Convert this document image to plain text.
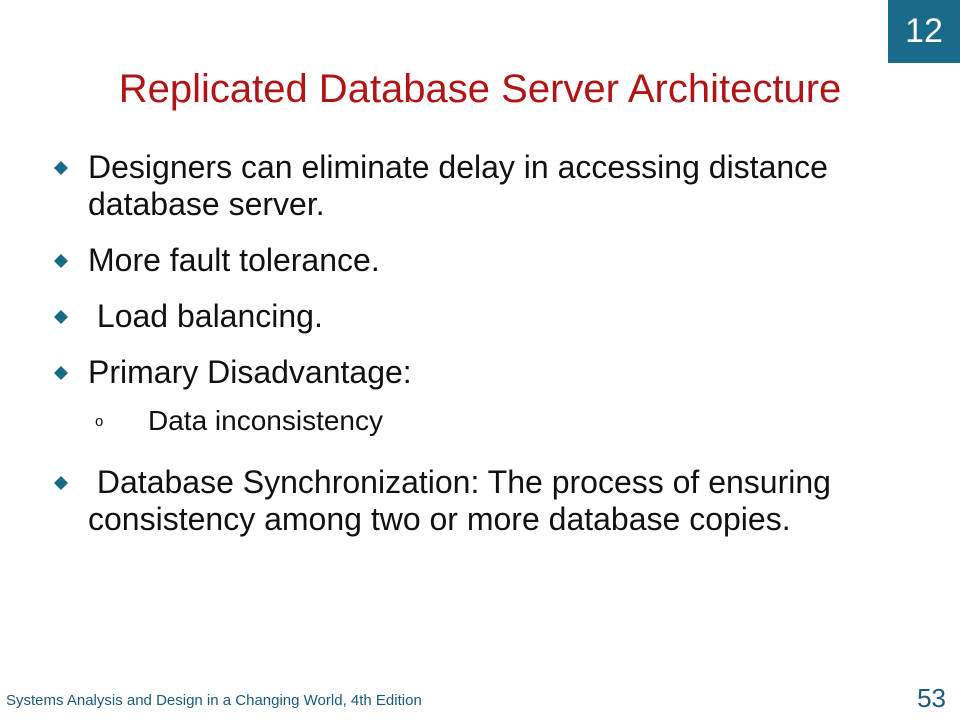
12
Replicated Database Server Architecture
Designers can eliminate delay in accessing distance database server.
More fault tolerance.
Load balancing.
Primary Disadvantage:
o Data inconsistency
Database Synchronization: The process of ensuring consistency among two or more database copies.
Systems Analysis and Design in a Changing World, 4th Edition	53
